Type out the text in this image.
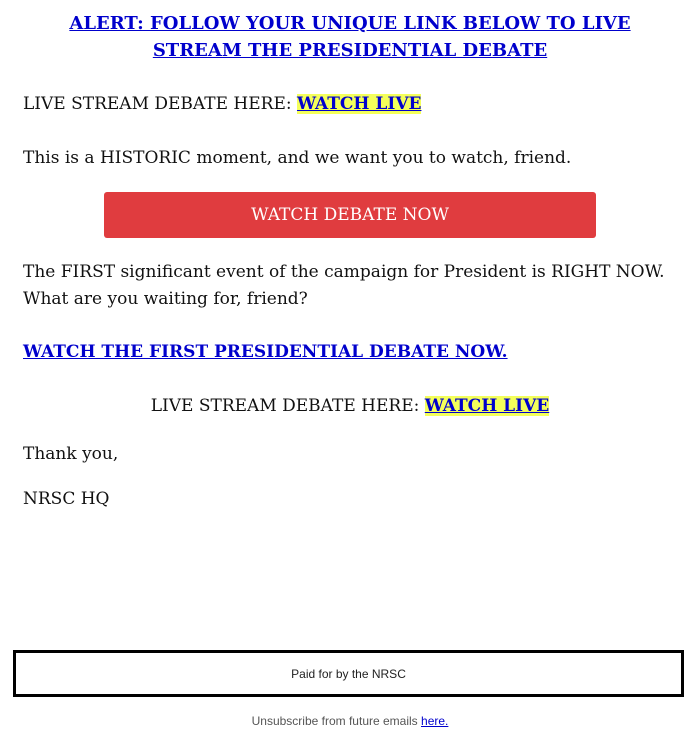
ALERT: FOLLOW YOUR UNIQUE LINK BELOW TO LIVE STREAM THE PRESIDENTIAL DEBATE
LIVE STREAM DEBATE HERE: WATCH LIVE
This is a HISTORIC moment, and we want you to watch, friend.
WATCH DEBATE NOW
The FIRST significant event of the campaign for President is RIGHT NOW. What are you waiting for, friend?
WATCH THE FIRST PRESIDENTIAL DEBATE NOW.
LIVE STREAM DEBATE HERE: WATCH LIVE
Thank you,
NRSC HQ
Paid for by the NRSC
Unsubscribe from future emails here.
